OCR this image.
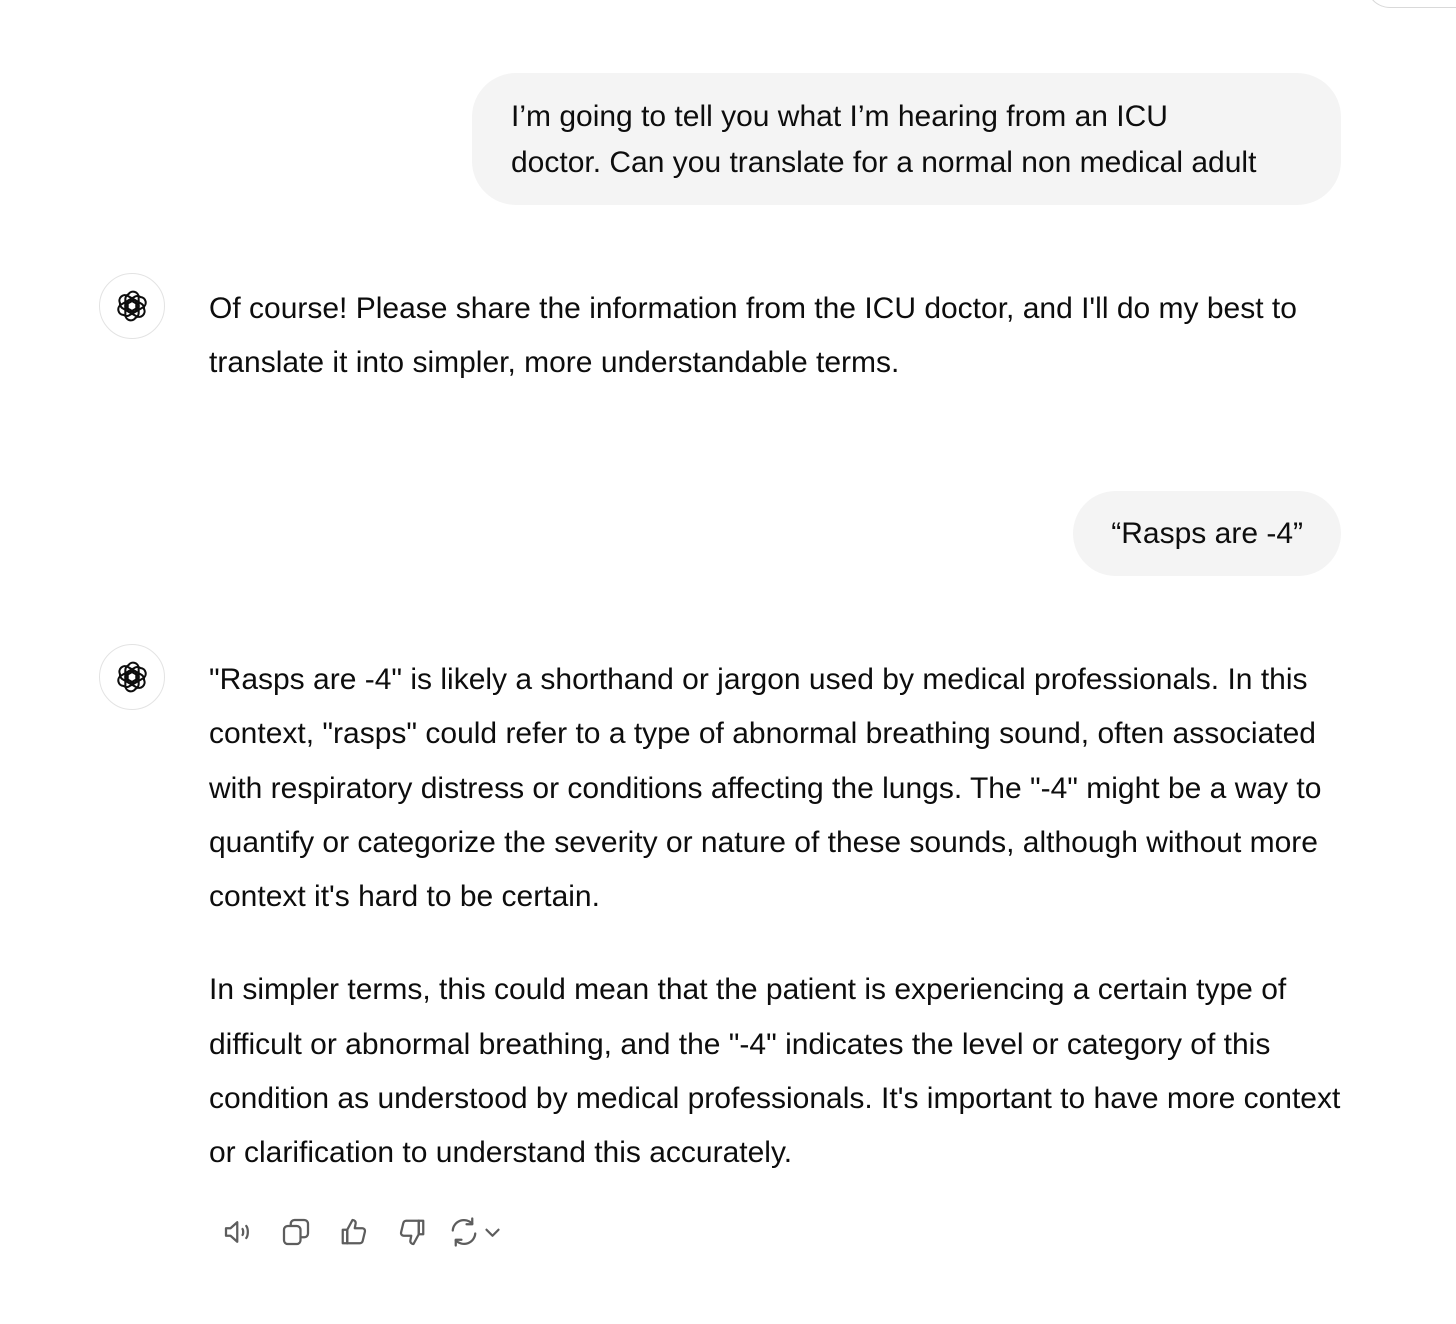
I’m going to tell you what I’m hearing from an ICU
doctor. Can you translate for a normal non medical adult

Of course! Please share the information from the ICU doctor, and I'll do my best to translate it into simpler, more understandable terms.

“Rasps are -4”

"Rasps are -4" is likely a shorthand or jargon used by medical professionals. In this context, "rasps" could refer to a type of abnormal breathing sound, often associated with respiratory distress or conditions affecting the lungs. The "-4" might be a way to quantify or categorize the severity or nature of these sounds, although without more context it's hard to be certain.

In simpler terms, this could mean that the patient is experiencing a certain type of difficult or abnormal breathing, and the "-4" indicates the level or category of this condition as understood by medical professionals. It's important to have more context or clarification to understand this accurately.
